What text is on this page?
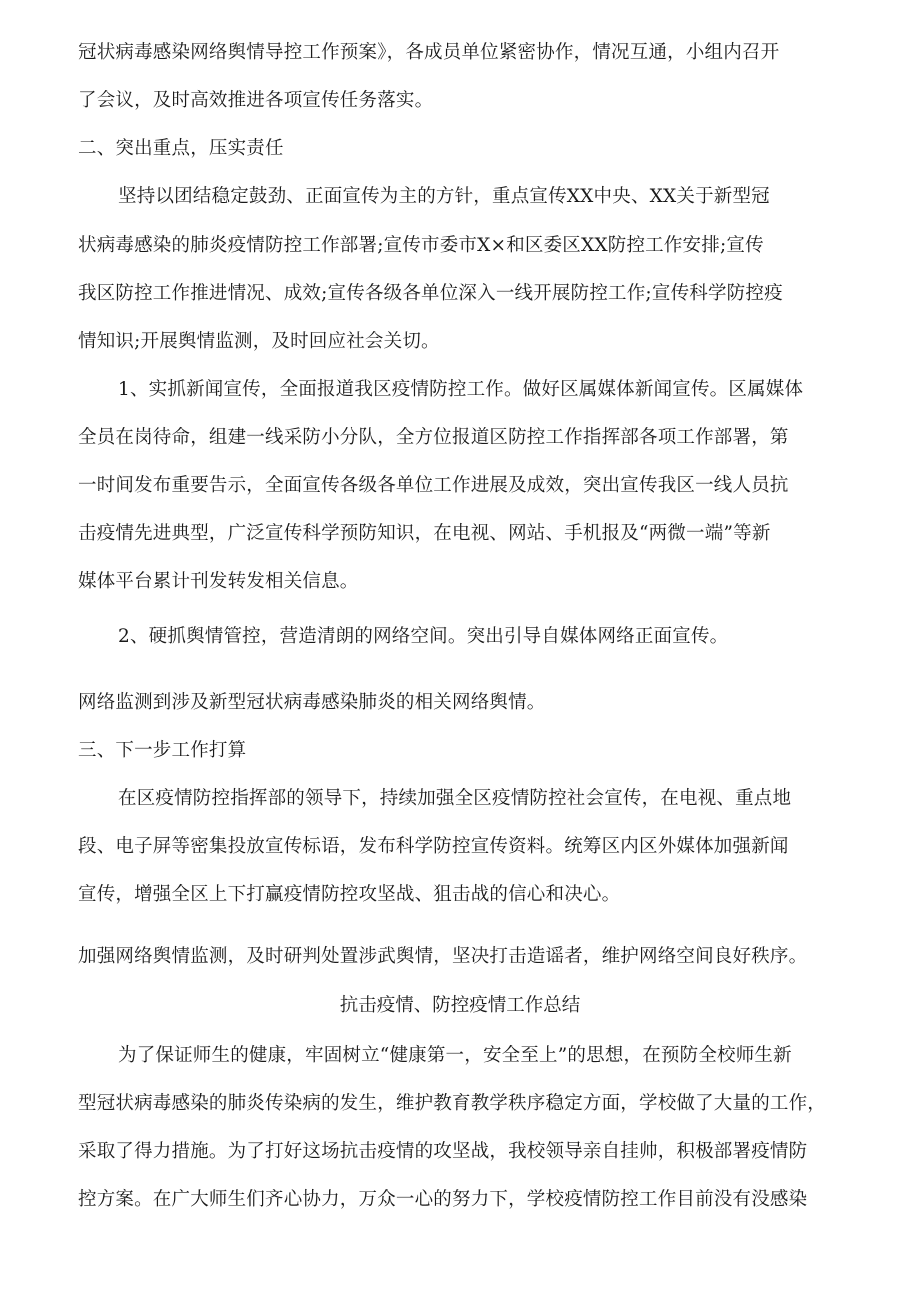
冠状病毒感染网络舆情导控工作预案》，各成员单位紧密协作，情况互通，小组内召开
了会议，及时高效推进各项宣传任务落实。
二、突出重点，压实责任
坚持以团结稳定鼓劲、正面宣传为主的方针，重点宣传XX中央、XX关于新型冠
状病毒感染的肺炎疫情防控工作部署;宣传市委市X×和区委区XX防控工作安排;宣传
我区防控工作推进情况、成效;宣传各级各单位深入一线开展防控工作;宣传科学防控疫
情知识;开展舆情监测，及时回应社会关切。
1、实抓新闻宣传，全面报道我区疫情防控工作。做好区属媒体新闻宣传。区属媒体
全员在岗待命，组建一线采防小分队，全方位报道区防控工作指挥部各项工作部署，第
一时间发布重要告示，全面宣传各级各单位工作进展及成效，突出宣传我区一线人员抗
击疫情先进典型，广泛宣传科学预防知识，在电视、网站、手机报及“两微一端”等新
媒体平台累计刊发转发相关信息。
2、硬抓舆情管控，营造清朗的网络空间。突出引导自媒体网络正面宣传。
网络监测到涉及新型冠状病毒感染肺炎的相关网络舆情。
三、下一步工作打算
在区疫情防控指挥部的领导下，持续加强全区疫情防控社会宣传，在电视、重点地
段、电子屏等密集投放宣传标语，发布科学防控宣传资料。统筹区内区外媒体加强新闻
宣传，增强全区上下打赢疫情防控攻坚战、狙击战的信心和决心。
加强网络舆情监测，及时研判处置涉武舆情，坚决打击造谣者，维护网络空间良好秩序。
抗击疫情、防控疫情工作总结
为了保证师生的健康，牢固树立“健康第一，安全至上”的思想，在预防全校师生新
型冠状病毒感染的肺炎传染病的发生，维护教育教学秩序稳定方面，学校做了大量的工作，
采取了得力措施。为了打好这场抗击疫情的攻坚战，我校领导亲自挂帅，积极部署疫情防
控方案。在广大师生们齐心协力，万众一心的努力下，学校疫情防控工作目前没有没感染
